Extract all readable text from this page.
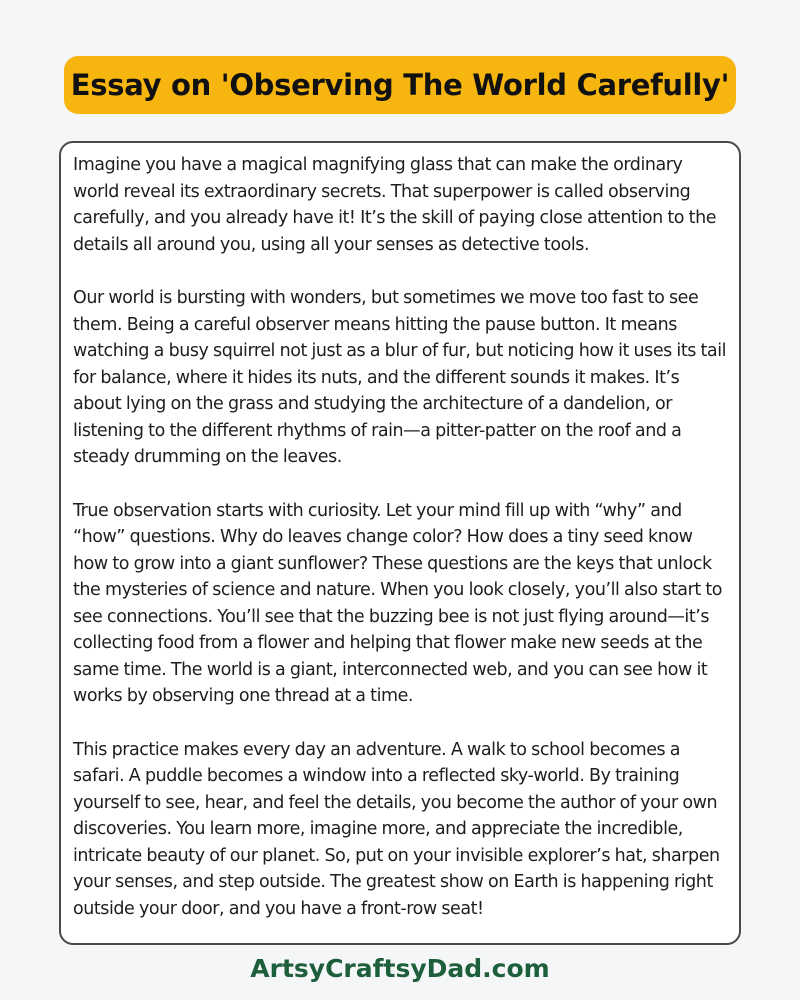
Essay on 'Observing The World Carefully'

Imagine you have a magical magnifying glass that can make the ordinary world reveal its extraordinary secrets. That superpower is called observing carefully, and you already have it! It’s the skill of paying close attention to the details all around you, using all your senses as detective tools.

Our world is bursting with wonders, but sometimes we move too fast to see them. Being a careful observer means hitting the pause button. It means watching a busy squirrel not just as a blur of fur, but noticing how it uses its tail for balance, where it hides its nuts, and the different sounds it makes. It’s about lying on the grass and studying the architecture of a dandelion, or listening to the different rhythms of rain—a pitter-patter on the roof and a steady drumming on the leaves.

True observation starts with curiosity. Let your mind fill up with “why” and “how” questions. Why do leaves change color? How does a tiny seed know how to grow into a giant sunflower? These questions are the keys that unlock the mysteries of science and nature. When you look closely, you’ll also start to see connections. You’ll see that the buzzing bee is not just flying around—it’s collecting food from a flower and helping that flower make new seeds at the same time. The world is a giant, interconnected web, and you can see how it works by observing one thread at a time.

This practice makes every day an adventure. A walk to school becomes a safari. A puddle becomes a window into a reflected sky-world. By training yourself to see, hear, and feel the details, you become the author of your own discoveries. You learn more, imagine more, and appreciate the incredible, intricate beauty of our planet. So, put on your invisible explorer’s hat, sharpen your senses, and step outside. The greatest show on Earth is happening right outside your door, and you have a front-row seat!

ArtsyCraftsyDad.com
